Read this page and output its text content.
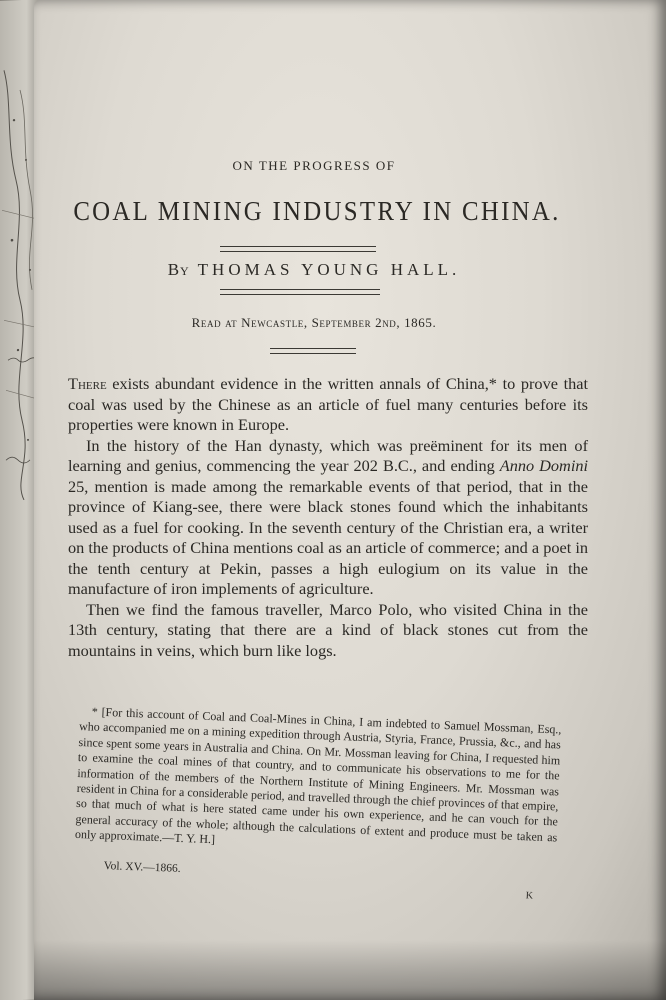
ON THE PROGRESS OF
COAL MINING INDUSTRY IN CHINA.
By THOMAS YOUNG HALL.
Read at Newcastle, September 2nd, 1865.

There exists abundant evidence in the written annals of China,* to prove that coal was used by the Chinese as an article of fuel many centuries before its properties were known in Europe.

In the history of the Han dynasty, which was preëminent for its men of learning and genius, commencing the year 202 B.C., and ending Anno Domini 25, mention is made among the remarkable events of that period, that in the province of Kiang-see, there were black stones found which the inhabitants used as a fuel for cooking. In the seventh century of the Christian era, a writer on the products of China mentions coal as an article of commerce; and a poet in the tenth century at Pekin, passes a high eulogium on its value in the manufacture of iron implements of agriculture.

Then we find the famous traveller, Marco Polo, who visited China in the 13th century, stating that there are a kind of black stones cut from the mountains in veins, which burn like logs.

* [For this account of Coal and Coal-Mines in China, I am indebted to Samuel Mossman, Esq., who accompanied me on a mining expedition through Austria, Styria, France, Prussia, &c., and has since spent some years in Australia and China. On Mr. Mossman leaving for China, I requested him to examine the coal mines of that country, and to communicate his observations to me for the information of the members of the Northern Institute of Mining Engineers. Mr. Mossman was resident in China for a considerable period, and travelled through the chief provinces of that empire, so that much of what is here stated came under his own experience, and he can vouch for the general accuracy of the whole; although the calculations of extent and produce must be taken as only approximate.—T. Y. H.]

Vol. XV.—1866.
K
